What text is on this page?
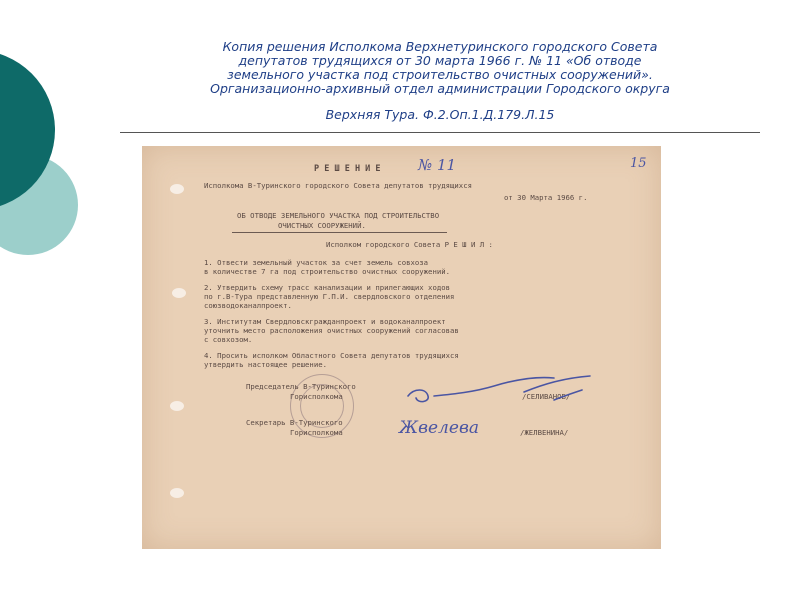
Копия решения Исполкома Верхнетуринского городского Совета
депутатов трудящихся от 30 марта 1966 г. № 11 «Об отводе
земельного участка под строительство очистных сооружений».
Организационно-архивный отдел администрации Городского округа
Верхняя Тура. Ф.2.Оп.1.Д.179.Л.15
15
Р Е Ш Е Н И Е № 11
Исполкома В-Туринского городского Совета депутатов трудящихся
от 30 Марта 1966 г.
ОБ ОТВОДЕ ЗЕМЕЛЬНОГО УЧАСТКА ПОД СТРОИТЕЛЬСТВО
ОЧИСТНЫХ СООРУЖЕНИЙ.
Исполком городского Совета Р Е Ш И Л :
1. Отвести земельный участок за счет земель совхоза
в количестве 7 га под строительство очистных сооружений.
2. Утвердить схему трасс канализации и прилегающих ходов
по г.В-Тура представленную Г.П.И. свердловского отделения
союзводоканалпроект.
3. Институтам Свердловскгражданпроект и водоканалпроект
уточнить место расположения очистных сооружений согласовав
с совхозом.
4. Просить исполком Областного Совета депутатов трудящихся
утвердить настоящее решение.
Председатель В-Туринского
Горисполкома	/СЕЛИВАНОВ/
Секретарь В-Туринского
Горисполкома	Жвелева	/ЖЕЛВЕНИНА/
